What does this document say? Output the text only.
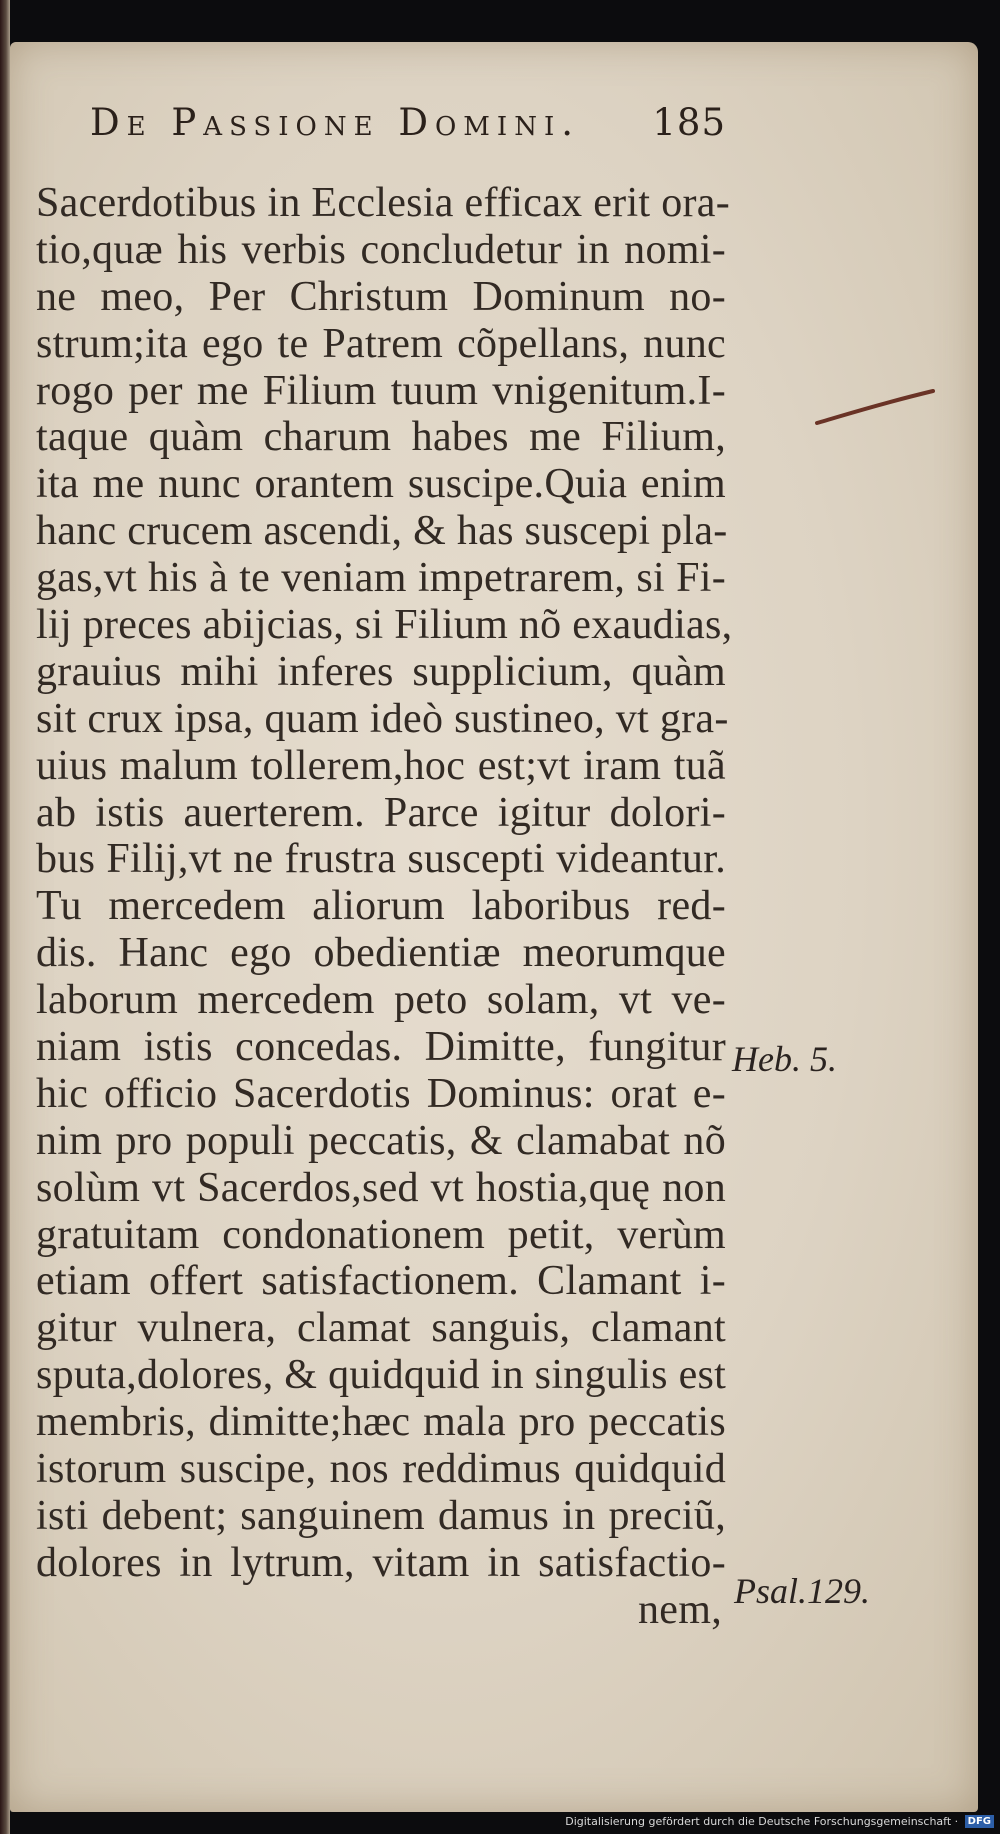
De Passione Domini. 185
Sacerdotibus in Ecclesia efficax erit ora-
tio,quæ his verbis concludetur in nomi-
ne meo, Per Christum Dominum no-
strum;ita ego te Patrem cõpellans, nunc
rogo per me Filium tuum vnigenitum.I-
taque quàm charum habes me Filium,
ita me nunc orantem suscipe.Quia enim
hanc crucem ascendi, & has suscepi pla-
gas,vt his à te veniam impetrarem, si Fi-
lij preces abijcias, si Filium nõ exaudias,
grauius mihi inferes supplicium, quàm
sit crux ipsa, quam ideò sustineo, vt gra-
uius malum tollerem,hoc est;vt iram tuã
ab istis auerterem. Parce igitur dolori-
bus Filij,vt ne frustra suscepti videantur.
Tu mercedem aliorum laboribus red-
dis. Hanc ego obedientiæ meorumque
laborum mercedem peto solam, vt ve-
niam istis concedas. Dimitte, fungitur
hic officio Sacerdotis Dominus: orat e-
nim pro populi peccatis, & clamabat nõ
solùm vt Sacerdos,sed vt hostia,quę non
gratuitam condonationem petit, verùm
etiam offert satisfactionem. Clamant i-
gitur vulnera, clamat sanguis, clamant
sputa,dolores, & quidquid in singulis est
membris, dimitte;hæc mala pro peccatis
istorum suscipe, nos reddimus quidquid
isti debent; sanguinem damus in preciũ,
dolores in lytrum, vitam in satisfactio-
nem,
Heb. 5.
Psal.129.
Digitalisierung gefördert durch die Deutsche Forschungsgemeinschaft · DFG
